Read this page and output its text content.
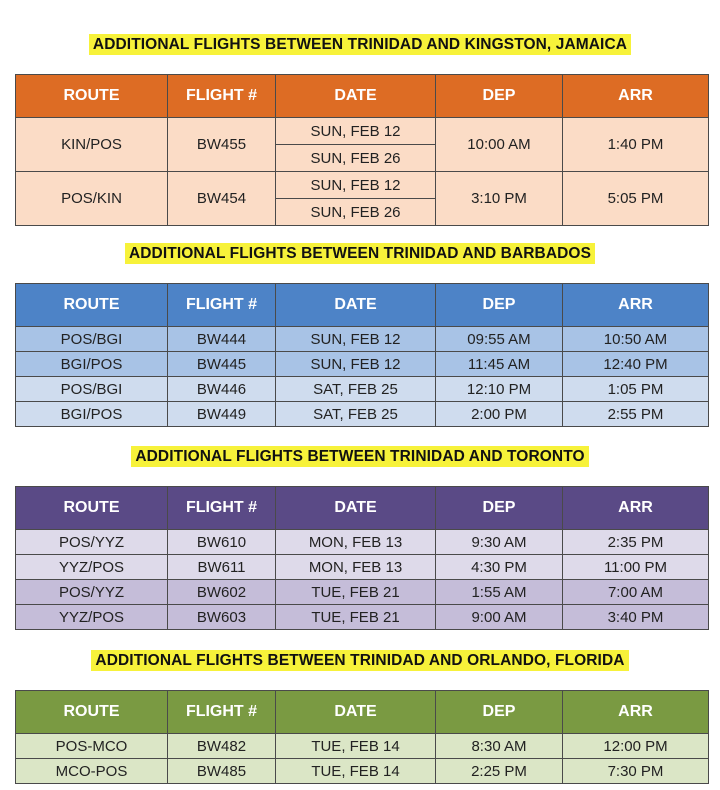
ADDITIONAL FLIGHTS BETWEEN TRINIDAD AND KINGSTON, JAMAICA
ROUTE	FLIGHT #	DATE	DEP	ARR
KIN/POS	BW455	SUN, FEB 12	10:00 AM	1:40 PM
		SUN, FEB 26		
POS/KIN	BW454	SUN, FEB 12	3:10 PM	5:05 PM
		SUN, FEB 26		
ADDITIONAL FLIGHTS BETWEEN TRINIDAD AND BARBADOS
ROUTE	FLIGHT #	DATE	DEP	ARR
POS/BGI	BW444	SUN, FEB 12	09:55 AM	10:50 AM
BGI/POS	BW445	SUN, FEB 12	11:45 AM	12:40 PM
POS/BGI	BW446	SAT, FEB 25	12:10 PM	1:05 PM
BGI/POS	BW449	SAT, FEB 25	2:00 PM	2:55 PM
ADDITIONAL FLIGHTS BETWEEN TRINIDAD AND TORONTO
ROUTE	FLIGHT #	DATE	DEP	ARR
POS/YYZ	BW610	MON, FEB 13	9:30 AM	2:35 PM
YYZ/POS	BW611	MON, FEB 13	4:30 PM	11:00 PM
POS/YYZ	BW602	TUE, FEB 21	1:55 AM	7:00 AM
YYZ/POS	BW603	TUE, FEB 21	9:00 AM	3:40 PM
ADDITIONAL FLIGHTS BETWEEN TRINIDAD AND ORLANDO, FLORIDA
ROUTE	FLIGHT #	DATE	DEP	ARR
POS-MCO	BW482	TUE, FEB 14	8:30 AM	12:00 PM
MCO-POS	BW485	TUE, FEB 14	2:25 PM	7:30 PM
